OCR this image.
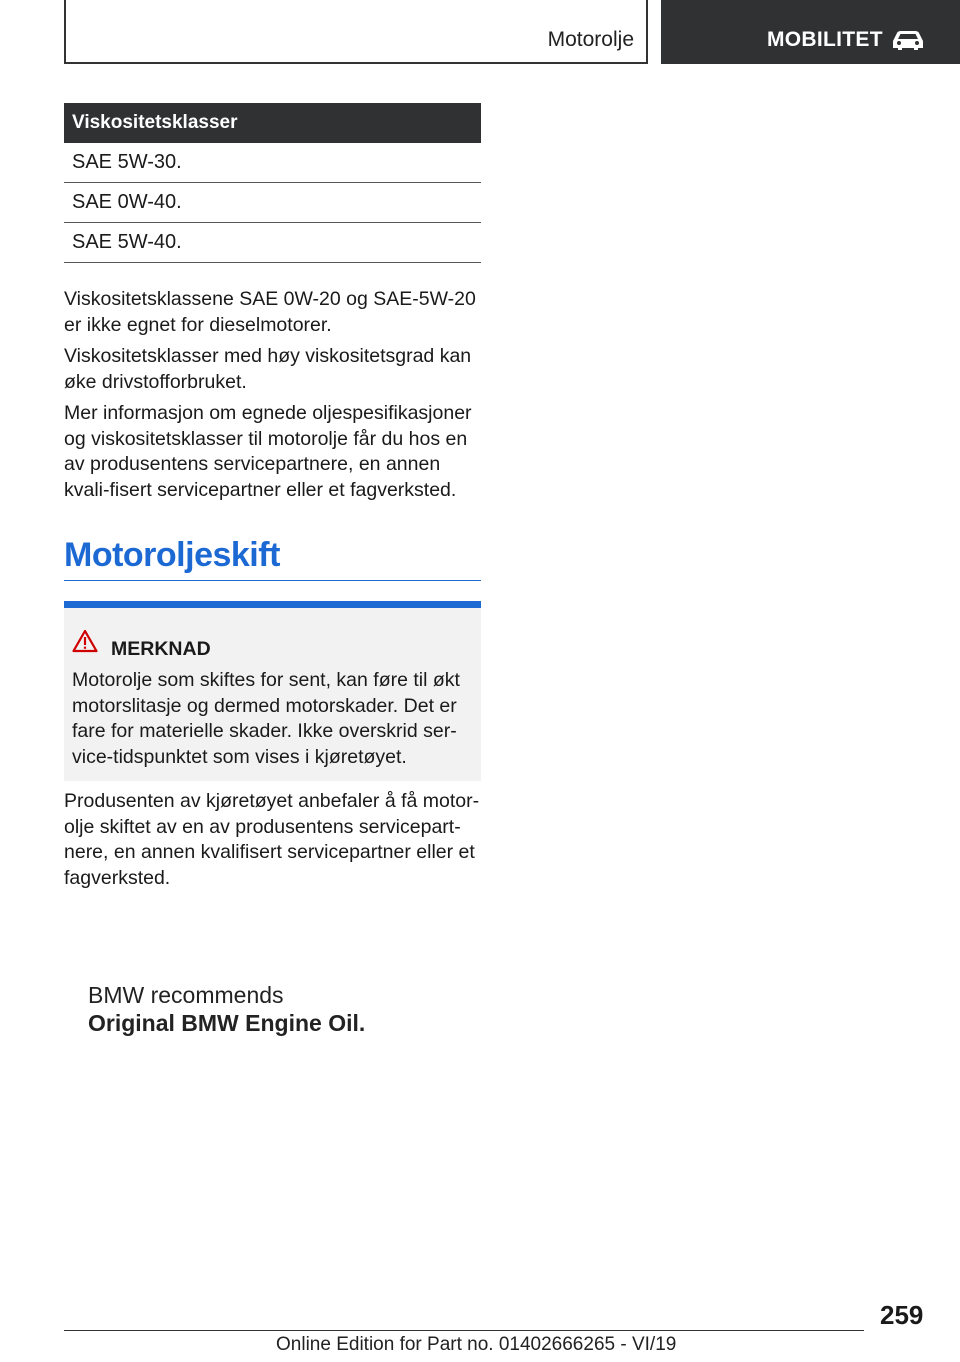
Motorolje	MOBILITET
Viskositetsklasser
SAE 5W-30.
SAE 0W-40.
SAE 5W-40.

Viskositetsklassene SAE 0W-20 og SAE-5W-20 er ikke egnet for dieselmotorer.

Viskositetsklasser med høy viskositetsgrad kan øke drivstofforbruket.

Mer informasjon om egnede oljespesifikasjoner og viskositetsklasser til motorolje får du hos en av produsentens servicepartnere, en annen kvali-fisert servicepartner eller et fagverksted.

Motoroljeskift
MERKNAD

Motorolje som skiftes for sent, kan føre til økt motorslitasje og dermed motorskader. Det er fare for materielle skader. Ikke overskrid ser-vice-tidspunktet som vises i kjøretøyet.

Produsenten av kjøretøyet anbefaler å få motor-olje skiftet av en av produsentens servicepart-nere, en annen kvalifisert servicepartner eller et fagverksted.

BMW recommends
Original BMW Engine Oil.
259
Online Edition for Part no. 01402666265 - VI/19
